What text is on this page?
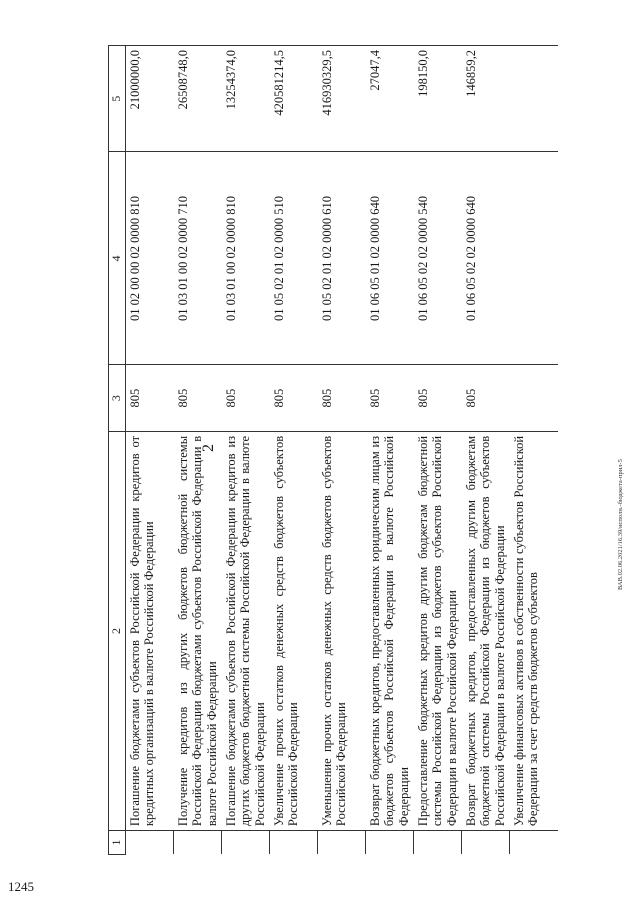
1245
2
ВАВ.02.06.2021/16.39/исполн.-бюджета-прил-5
1	2	3	4	5
	Погашение бюджетами субъектов Российской Федерации кредитов от кредитных организаций в валюте Российской Федерации	805	01 02 00 00 02 0000 810	21000000,0
	Получение кредитов из других бюджетов бюджетной системы Российской Федерации бюджетами субъектов Российской Федерации в валюте Российской Федерации	805	01 03 01 00 02 0000 710	26508748,0
	Погашение бюджетами субъектов Российской Федерации кредитов из других бюджетов бюджетной системы Российской Федерации в валюте Российской Федерации	805	01 03 01 00 02 0000 810	13254374,0
	Увеличение прочих остатков денежных средств бюджетов субъектов Российской Федерации	805	01 05 02 01 02 0000 510	420581214,5
	Уменьшение прочих остатков денежных средств бюджетов субъектов Российской Федерации	805	01 05 02 01 02 0000 610	416930329,5
	Возврат бюджетных кредитов, предоставленных юридическим лицам из бюджетов субъектов Российской Федерации в валюте Российской Федерации	805	01 06 05 01 02 0000 640	27047,4
	Предоставление бюджетных кредитов другим бюджетам бюджетной системы Российской Федерации из бюджетов субъектов Российской Федерации в валюте Российской Федерации	805	01 06 05 02 02 0000 540	198150,0
	Возврат бюджетных кредитов, предоставленных другим бюджетам бюджетной системы Российской Федерации из бюджетов субъектов Российской Федерации в валюте Российской Федерации	805	01 06 05 02 02 0000 640	146859,2
	Увеличение финансовых активов в собственности субъектов Российской Федерации за счет средств бюджетов субъектов			
